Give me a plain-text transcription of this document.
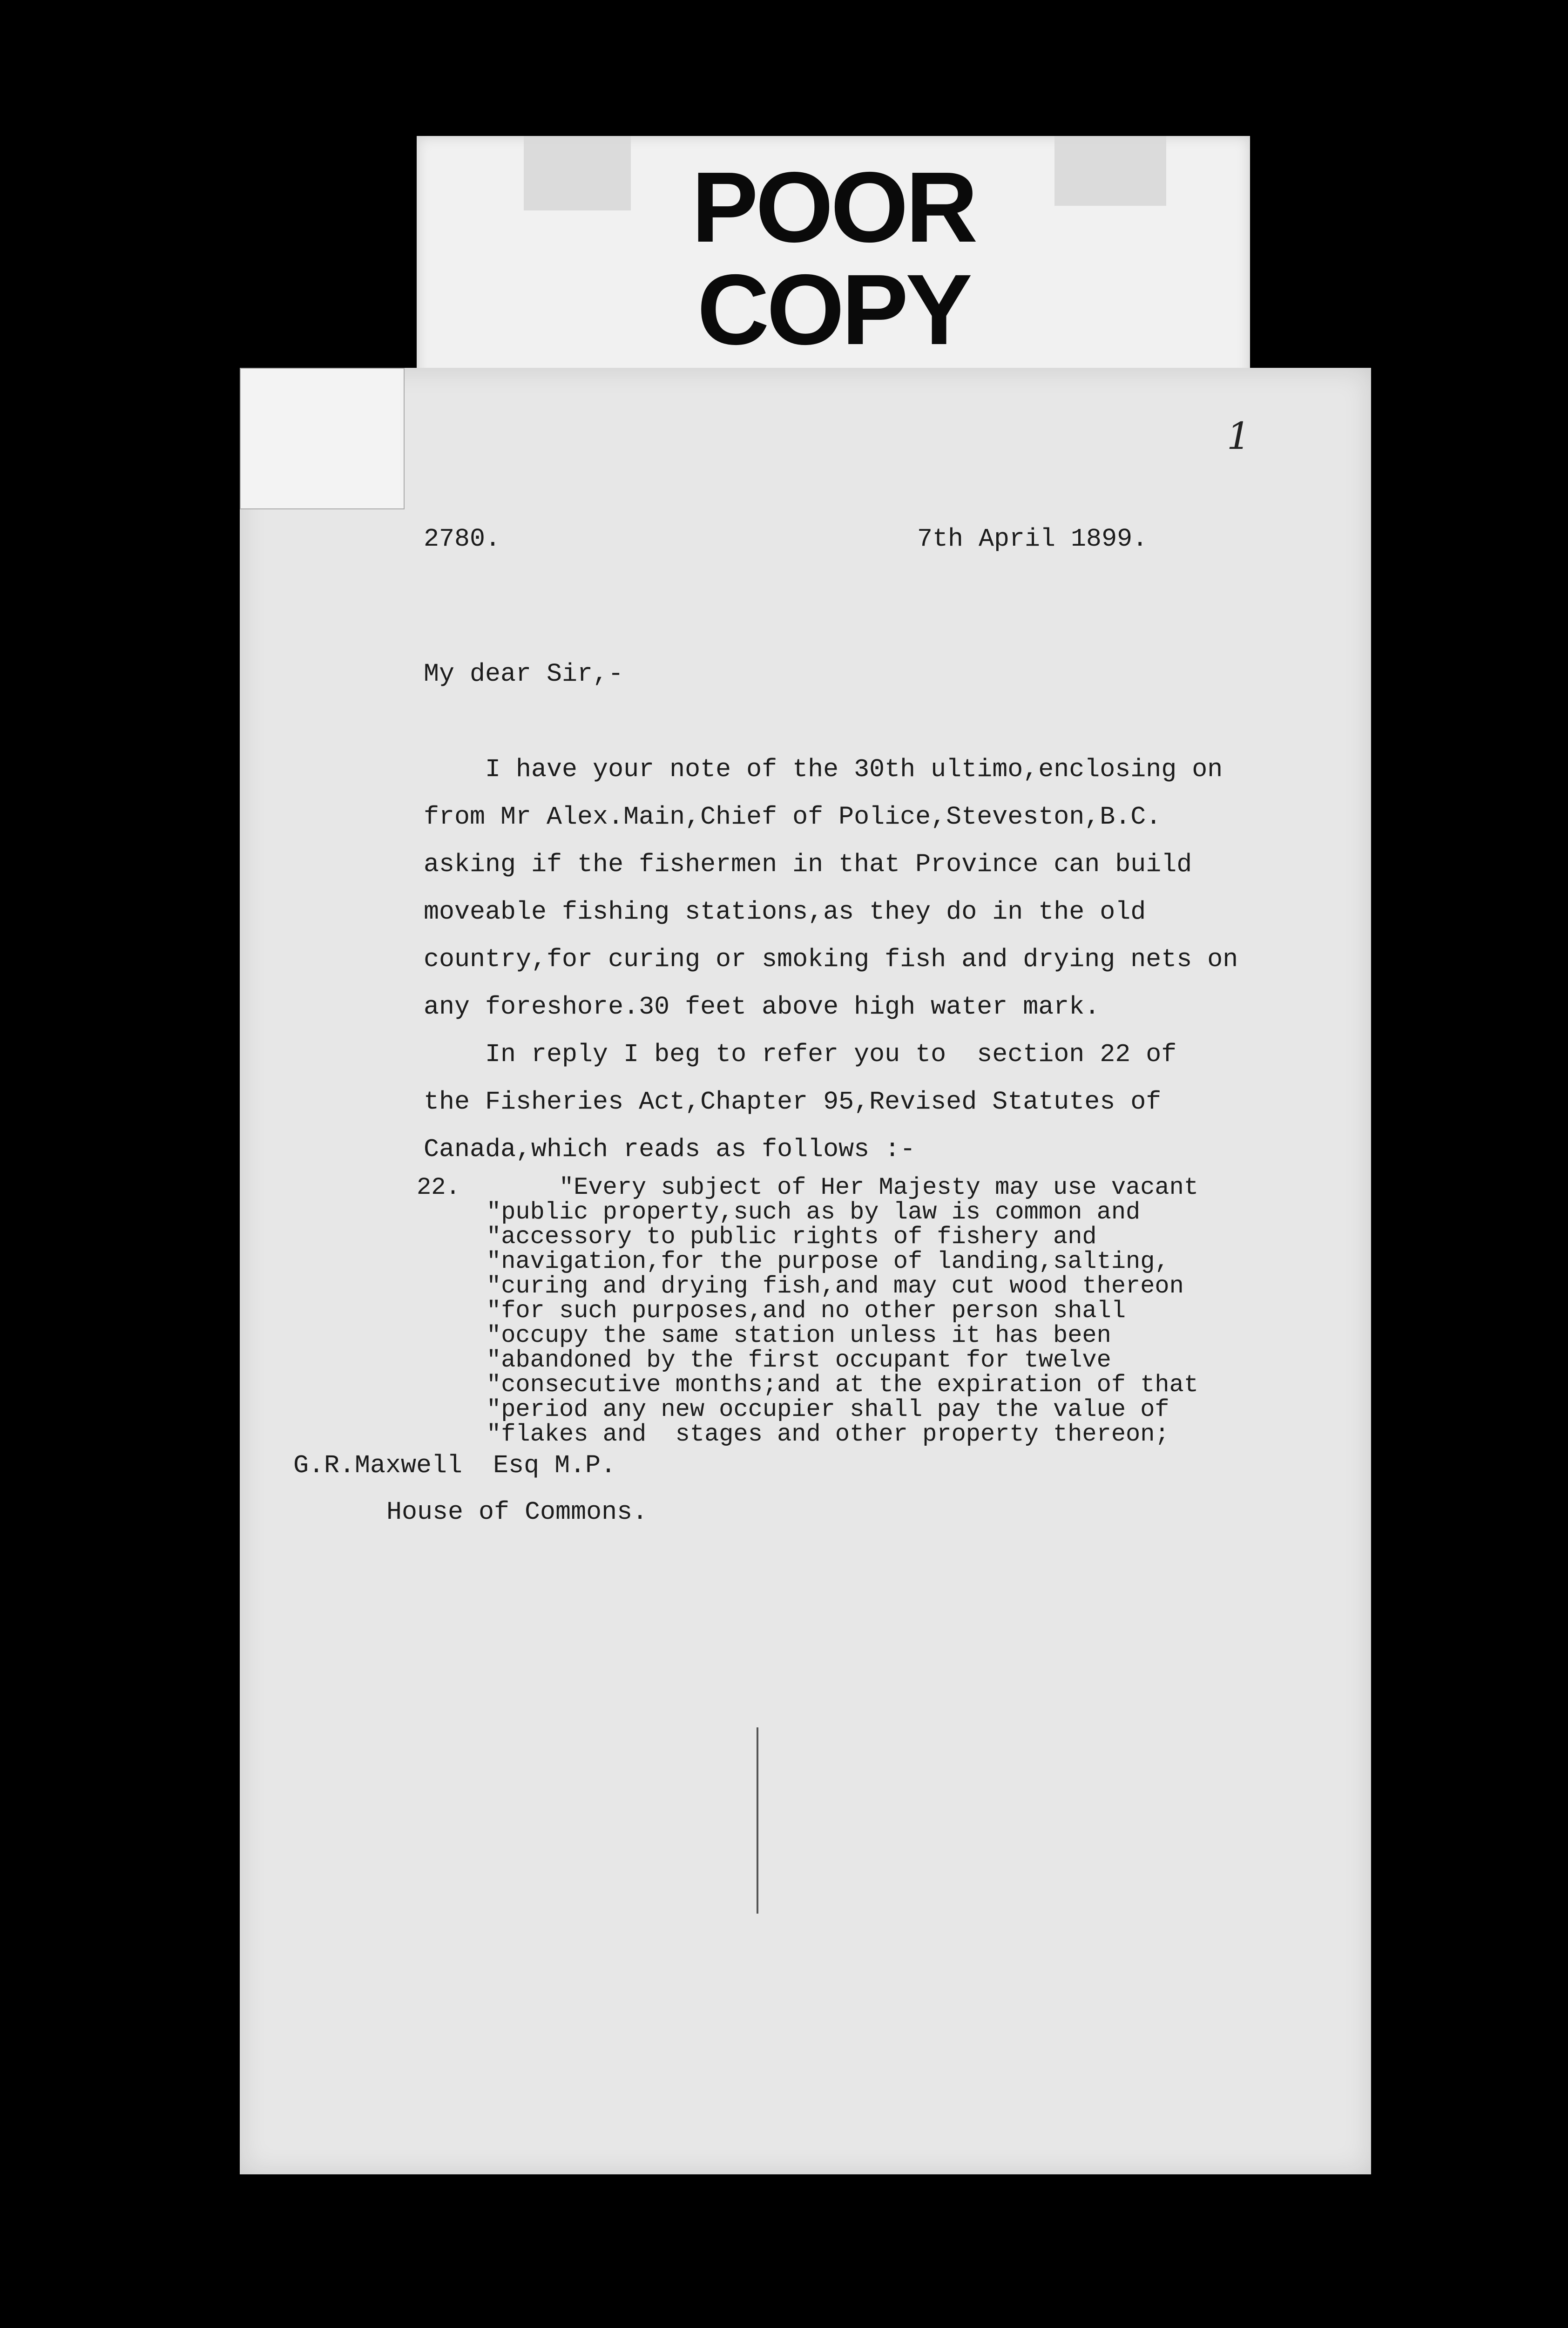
POOR
COPY
1
2780.	7th April 1899.
My dear Sir,-
I have your note of the 30th ultimo,enclosing on
from Mr Alex.Main,Chief of Police,Steveston,B.C.
asking if the fishermen in that Province can build
moveable fishing stations,as they do in the old
country,for curing or smoking fish and drying nets on
any foreshore.30 feet above high water mark.
In reply I beg to refer you to  section 22 of
the Fisheries Act,Chapter 95,Revised Statutes of
Canada,which reads as follows :-
22. "Every subject of Her Majesty may use vacant
"public property,such as by law is common and
"accessory to public rights of fishery and
"navigation,for the purpose of landing,salting,
"curing and drying fish,and may cut wood thereon
"for such purposes,and no other person shall
"occupy the same station unless it has been
"abandoned by the first occupant for twelve
"consecutive months;and at the expiration of that
"period any new occupier shall pay the value of
"flakes and  stages and other property thereon;
G.R.Maxwell  Esq M.P.
House of Commons.
